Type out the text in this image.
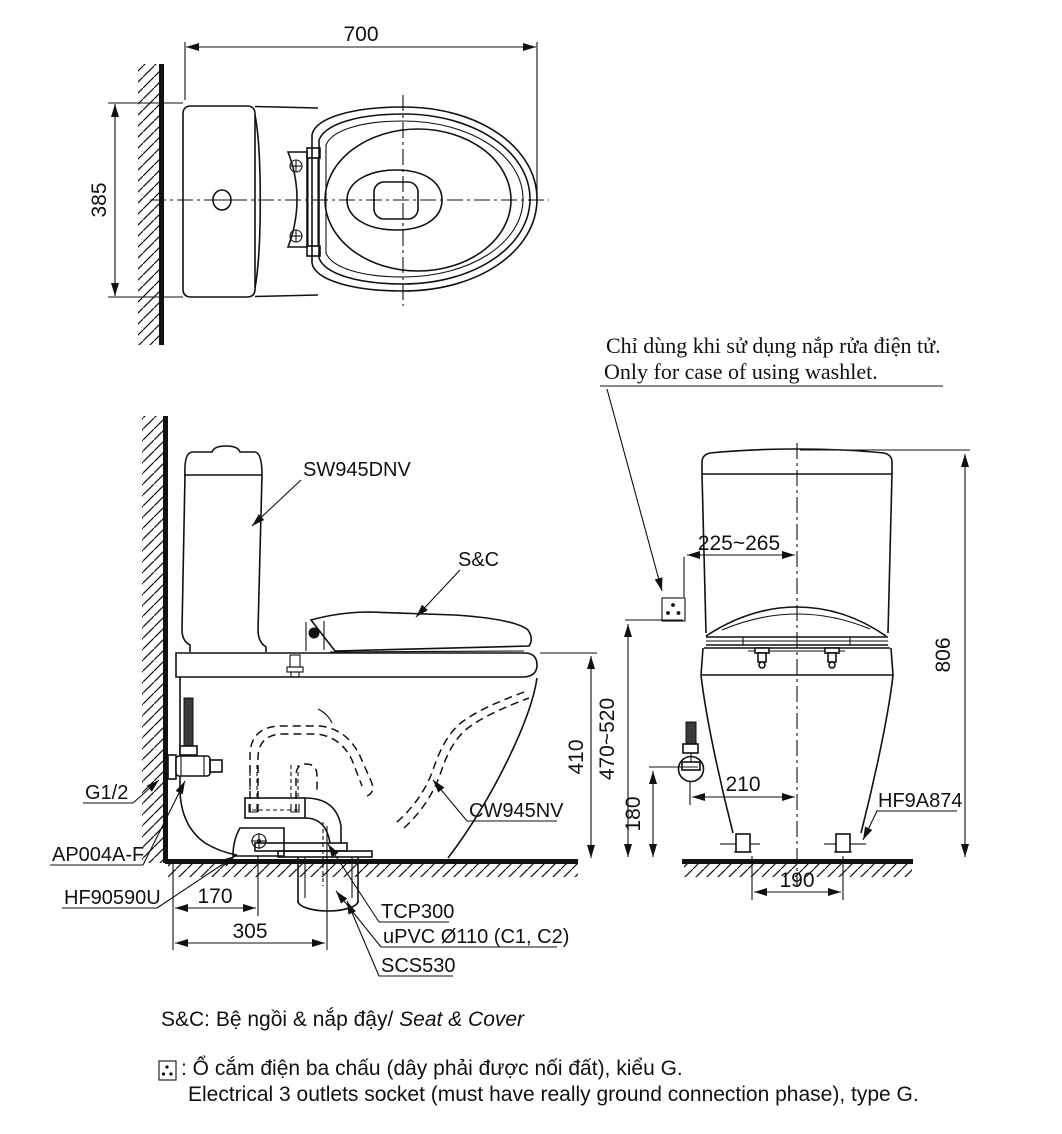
700
385
Chỉ dùng khi sử dụng nắp rửa điện tử.
Only for case of using washlet.
SW945DNV
S&C
G1/2
AP004A-F
HF90590U
CW945NV
TCP300
uPVC Ø110 (C1, C2)
SCS530
410
170
305
225~265
806
470~520
180
210
190
HF9A874
S&C: Bệ ngồi & nắp đậy/ Seat & Cover
: Ổ cắm điện ba chấu (dây phải được nối đất), kiểu G.
Electrical 3 outlets socket (must have really ground connection phase), type G.
